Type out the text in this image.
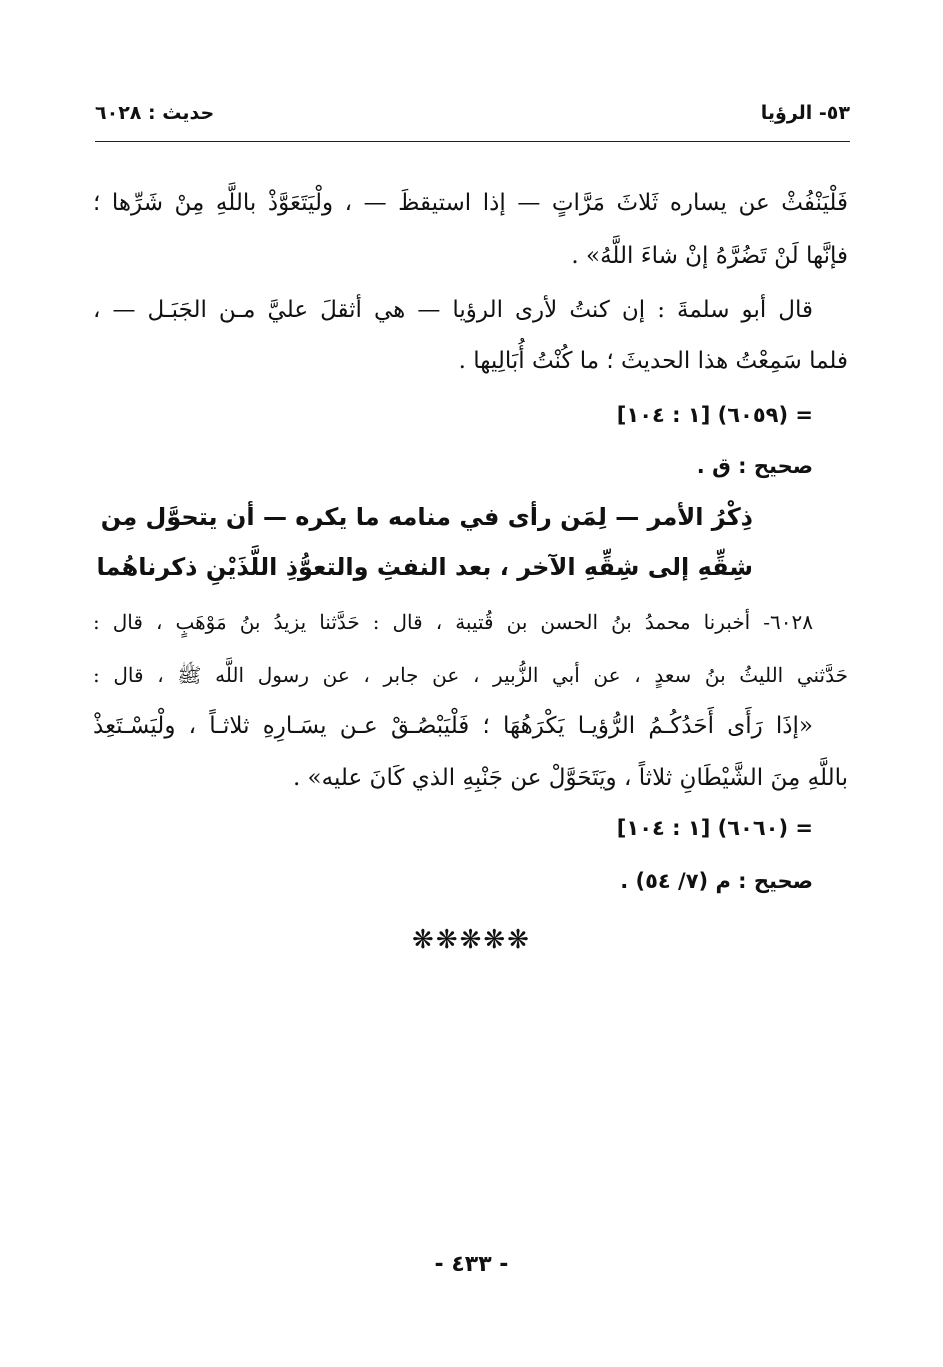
٥٣- الرؤيا
حديث : ٦٠٢٨
فَلْيَنْفُثْ عن يساره ثَلاثَ مَرَّاتٍ — إذا استيقظَ — ، ولْيَتَعَوَّذْ باللَّهِ مِنْ شَرِّها ؛
فإنَّها لَنْ تَضُرَّهُ إنْ شاءَ اللَّهُ» .
قال أبو سلمةَ : إن كنتُ لأرى الرؤيا — هي أثقلَ عليَّ مـن الجَبَـل — ،
فلما سَمِعْتُ هذا الحديثَ ؛ ما كُنْتُ أُبَالِيها .
= (٦٠٥٩) [١ : ١٠٤]
صحيح : ق .
ذِكْرُ الأمر — لِمَن رأى في منامه ما يكره — أن يتحوَّل مِن
شِقِّهِ إلى شِقِّهِ الآخر ، بعد النفثِ والتعوُّذِ اللَّذَيْنِ ذكرناهُما
٦٠٢٨- أخبرنا محمدُ بنُ الحسن بن قُتيبة ، قال : حَدَّثنا يزيدُ بنُ مَوْهَبٍ ، قال :
حَدَّثني الليثُ بنُ سعدٍ ، عن أبي الزُّبير ، عن جابر ، عن رسول اللَّه ﷺ ، قال :
«إذَا رَأَى أَحَدُكُـمُ الرُّؤيـا يَكْرَهُهَا ؛ فَلْيَبْصُـقْ عـن يسَـارِهِ ثلاثـاً ، ولْيَسْـتَعِذْ
باللَّهِ مِنَ الشَّيْطَانِ ثلاثاً ، ويَتَحَوَّلْ عن جَنْبِهِ الذي كَانَ عليه» .
= (٦٠٦٠) [١ : ١٠٤]
صحيح : م (٧/ ٥٤) .
❋❋❋❋❋
- ٤٣٣ -
